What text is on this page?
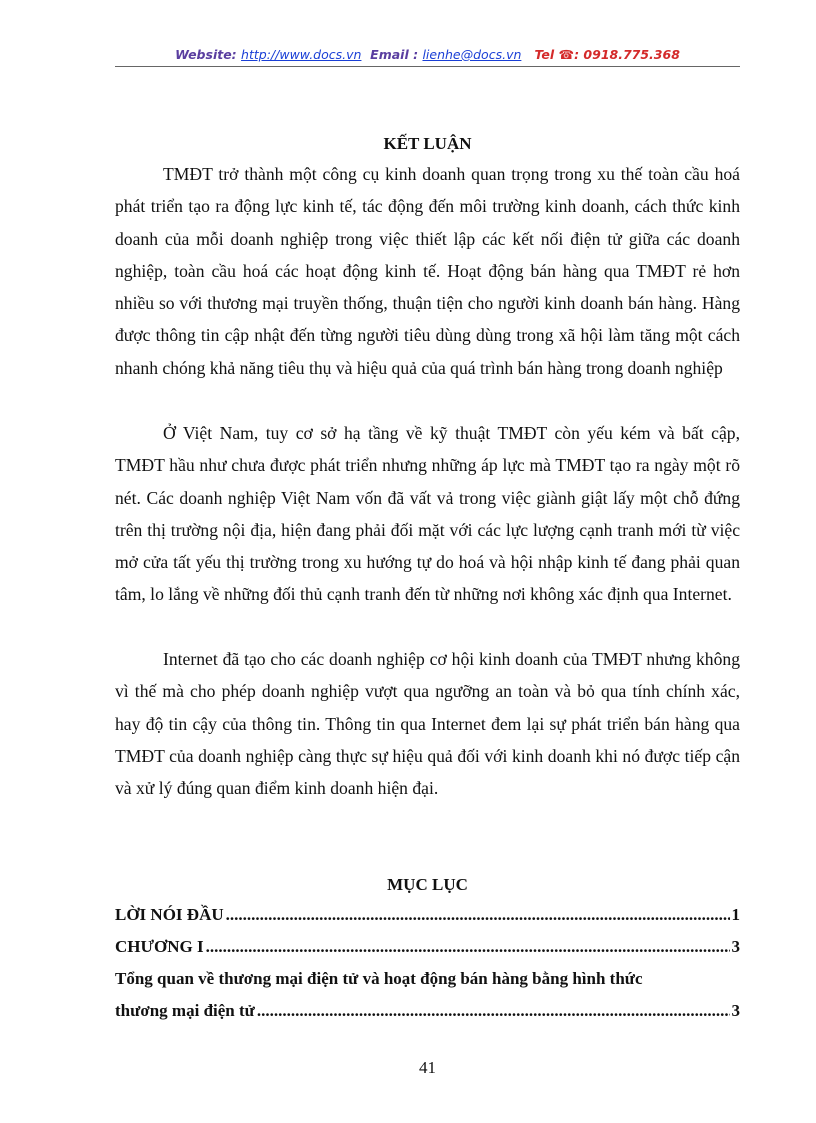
Website: http://www.docs.vn Email : lienhe@docs.vn Tel ☎: 0918.775.368
KẾT LUẬN

TMĐT trở thành một công cụ kinh doanh quan trọng trong xu thế toàn cầu hoá phát triển tạo ra động lực kinh tế, tác động đến môi trường kinh doanh, cách thức kinh doanh của mỗi doanh nghiệp trong việc thiết lập các kết nối điện tử giữa các doanh nghiệp, toàn cầu hoá các hoạt động kinh tế. Hoạt động bán hàng qua TMĐT rẻ hơn nhiều so với thương mại truyền thống, thuận tiện cho người kinh doanh bán hàng. Hàng được thông tin cập nhật đến từng người tiêu dùng dùng trong xã hội làm tăng một cách nhanh chóng khả năng tiêu thụ và hiệu quả của quá trình bán hàng trong doanh nghiệp

Ở Việt Nam, tuy cơ sở hạ tầng về kỹ thuật TMĐT còn yếu kém và bất cập, TMĐT hầu như chưa được phát triển nhưng những áp lực mà TMĐT tạo ra ngày một rõ nét. Các doanh nghiệp Việt Nam vốn đã vất vả trong việc giành giật lấy một chỗ đứng trên thị trường nội địa, hiện đang phải đối mặt với các lực lượng cạnh tranh mới từ việc mở cửa tất yếu thị trường trong xu hướng tự do hoá và hội nhập kinh tế đang phải quan tâm, lo lắng về những đối thủ cạnh tranh đến từ những nơi không xác định qua Internet.

Internet đã tạo cho các doanh nghiệp cơ hội kinh doanh của TMĐT nhưng không vì thế mà cho phép doanh nghiệp vượt qua ngưỡng an toàn và bỏ qua tính chính xác, hay độ tin cậy của thông tin. Thông tin qua Internet đem lại sự phát triển bán hàng qua TMĐT của doanh nghiệp càng thực sự hiệu quả đối với kinh doanh khi nó được tiếp cận và xử lý đúng quan điểm kinh doanh hiện đại.

MỤC LỤC
LỜI NÓI ĐẦU .....	1
CHƯƠNG I .....	3
Tổng quan về thương mại điện tử và hoạt động bán hàng bằng hình thức
thương mại điện tử .....	3
41
